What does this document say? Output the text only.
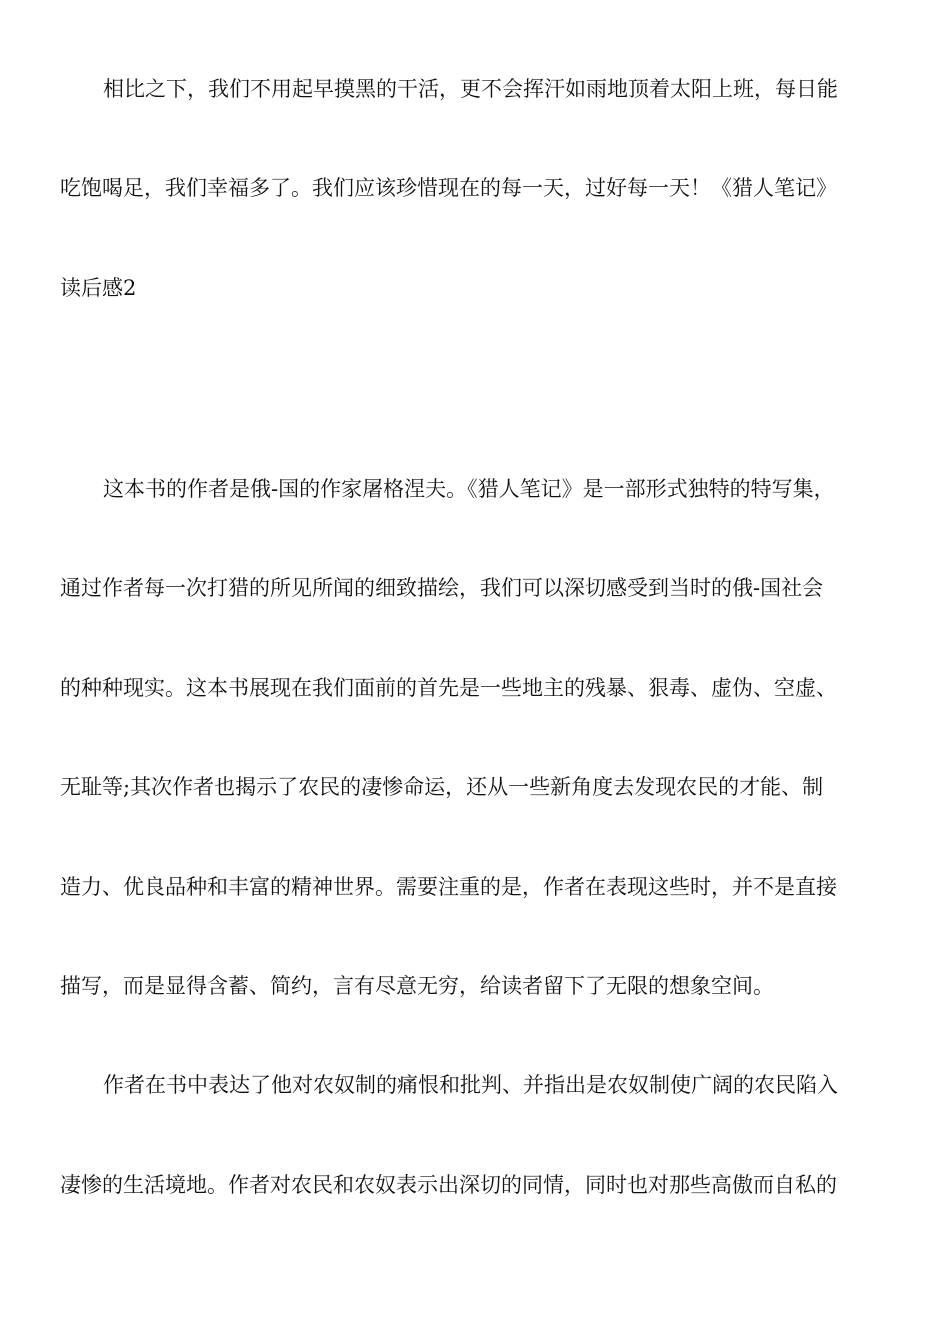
相比之下，我们不用起早摸黑的干活，更不会挥汗如雨地顶着太阳上班，每日能
吃饱喝足，我们幸福多了。我们应该珍惜现在的每一天，过好每一天！《猎人笔记》
读后感2
这本书的作者是俄-国的作家屠格涅夫。《猎人笔记》是一部形式独特的特写集，
通过作者每一次打猎的所见所闻的细致描绘，我们可以深切感受到当时的俄-国社会
的种种现实。这本书展现在我们面前的首先是一些地主的残暴、狠毒、虚伪、空虚、
无耻等;其次作者也揭示了农民的凄惨命运，还从一些新角度去发现农民的才能、制
造力、优良品种和丰富的精神世界。需要注重的是，作者在表现这些时，并不是直接
描写，而是显得含蓄、简约，言有尽意无穷，给读者留下了无限的想象空间。
作者在书中表达了他对农奴制的痛恨和批判、并指出是农奴制使广阔的农民陷入
凄惨的生活境地。作者对农民和农奴表示出深切的同情，同时也对那些高傲而自私的
